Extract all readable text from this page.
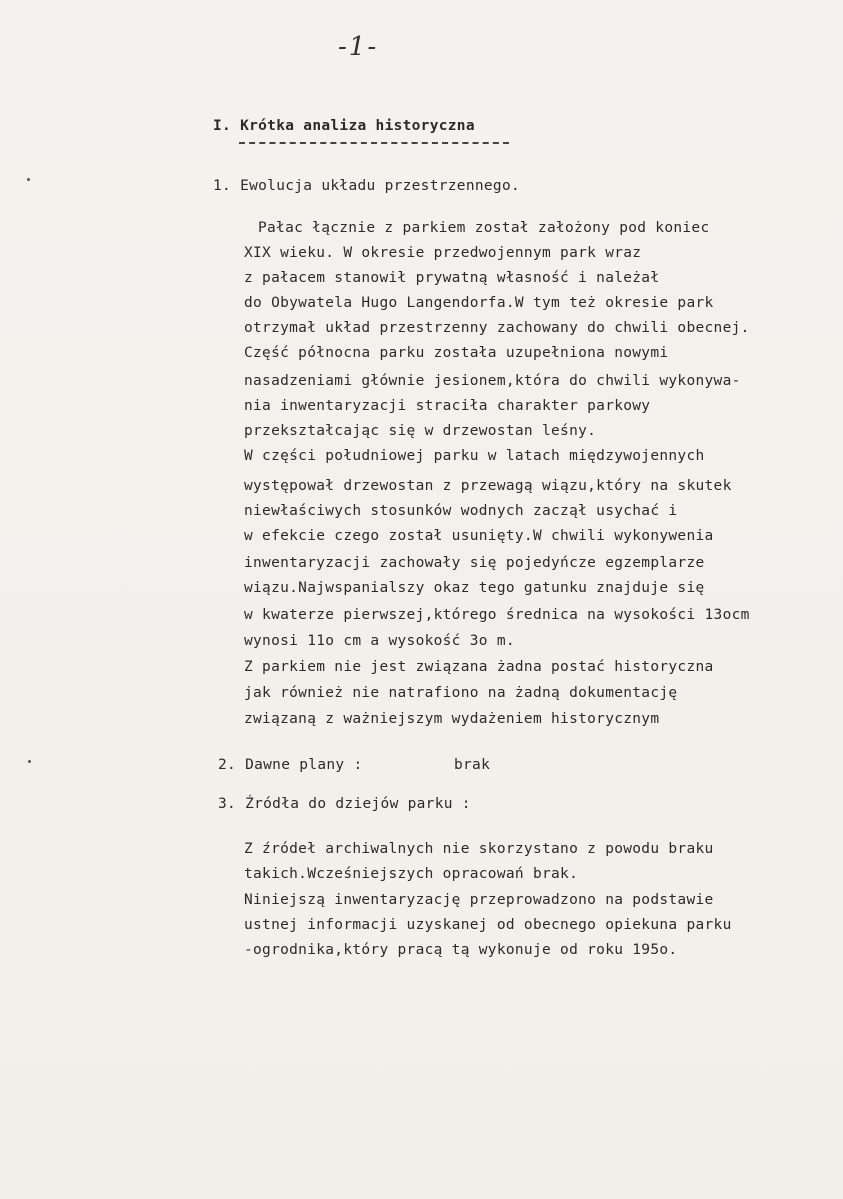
-1-
I. Krótka analiza historyczna
1. Ewolucja układu przestrzennego.
Pałac łącznie z parkiem został założony pod koniec
XIX wieku. W okresie przedwojennym park wraz
z pałacem stanowił prywatną własność i należał
do Obywatela Hugo Langendorfa.W tym też okresie park
otrzymał układ przestrzenny zachowany do chwili obecnej.
Część północna parku została uzupełniona nowymi
nasadzeniami głównie jesionem,która do chwili wykonywa-
nia inwentaryzacji straciła charakter parkowy
przekształcając się w drzewostan leśny.
W części południowej parku w latach międzywojennych
występował drzewostan z przewagą wiązu,który na skutek
niewłaściwych stosunków wodnych zaczął usychać i
w efekcie czego został usunięty.W chwili wykonywenia
inwentaryzacji zachowały się pojedyńcze egzemplarze
wiązu.Najwspanialszy okaz tego gatunku znajduje się
w kwaterze pierwszej,którego średnica na wysokości 13ocm
wynosi 11o cm a wysokość 3o m.
Z parkiem nie jest związana żadna postać historyczna
jak również nie natrafiono na żadną dokumentację
związaną z ważniejszym wydażeniem historycznym
2. Dawne plany :	brak
3. Źródła do dziejów parku :
Z źródeł archiwalnych nie skorzystano z powodu braku
takich.Wcześniejszych opracowań brak.
Niniejszą inwentaryzację przeprowadzono na podstawie
ustnej informacji uzyskanej od obecnego opiekuna parku
-ogrodnika,który pracą tą wykonuje od roku 195o.
